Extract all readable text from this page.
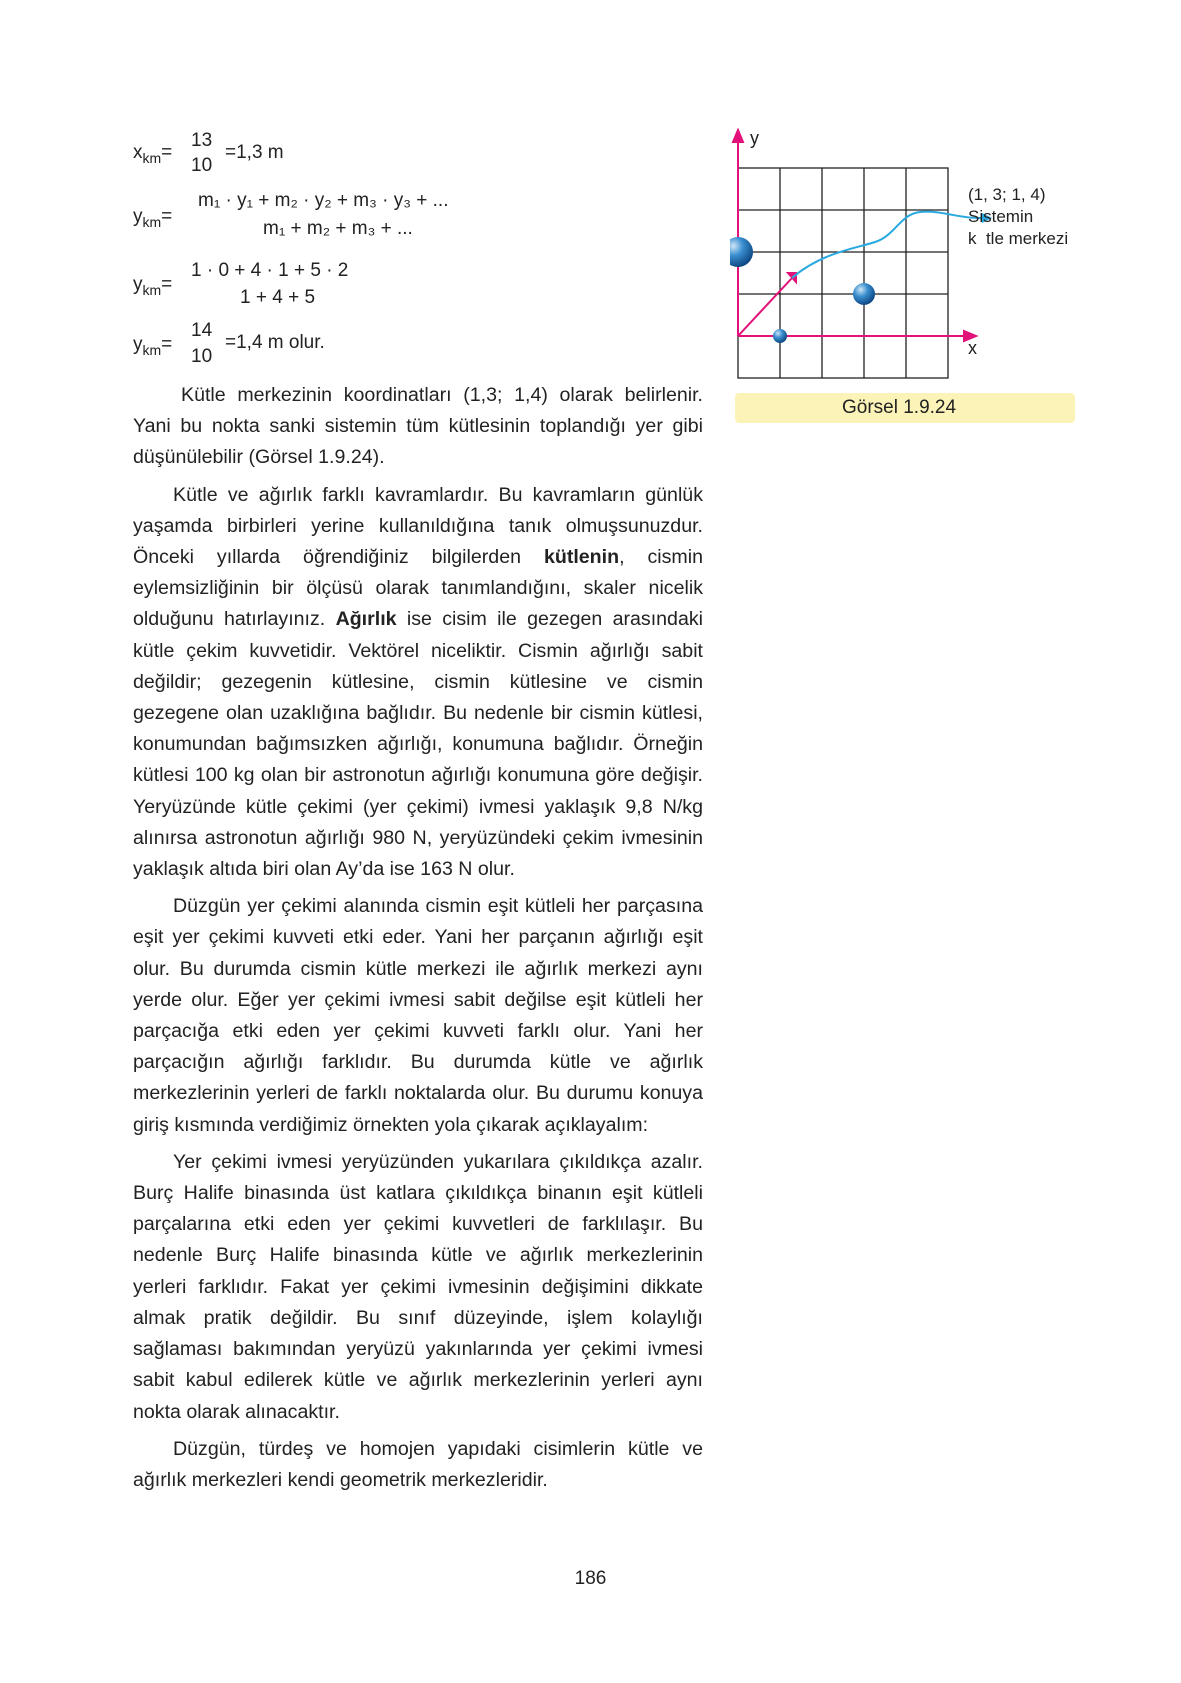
$x_{km}=$
13
10
=1,3 m
$y_{km}=$
m₁ · y₁ + m₂ · y₂ + m₃ · y₃ + ...
m₁ + m₂ + m₃ + ...
$y_{km}=$
1 · 0 + 4 · 1 + 5 · 2
1 + 4 + 5
$y_{km}=$
14
10
=1,4 m olur.

Kütle merkezinin koordinatları (1,3; 1,4) olarak belirlenir. Yani bu nokta sanki sistemin tüm kütlesinin toplandığı yer gibi düşünülebilir (Görsel 1.9.24).

Kütle ve ağırlık farklı kavramlardır. Bu kavramların günlük yaşamda birbirleri yerine kullanıldığına tanık olmuşsunuzdur. Önceki yıllarda öğrendiğiniz bilgilerden kütlenin, cismin eylemsizliğinin bir ölçüsü olarak tanımlandığını, skaler nicelik olduğunu hatırlayınız. Ağırlık ise cisim ile gezegen arasındaki kütle çekim kuvvetidir. Vektörel niceliktir. Cismin ağırlığı sabit değildir; gezegenin kütlesine, cismin kütlesine ve cismin gezegene olan uzaklığına bağlıdır. Bu nedenle bir cismin kütlesi, konumundan bağımsızken ağırlığı, konumuna bağlıdır. Örneğin kütlesi 100 kg olan bir astronotun ağırlığı konumuna göre değişir. Yeryüzünde kütle çekimi (yer çekimi) ivmesi yaklaşık 9,8 N/kg alınırsa astronotun ağırlığı 980 N, yeryüzündeki çekim ivmesinin yaklaşık altıda biri olan Ay’da ise 163 N olur.

Düzgün yer çekimi alanında cismin eşit kütleli her parçasına eşit yer çekimi kuvveti etki eder. Yani her parçanın ağırlığı eşit olur. Bu durumda cismin kütle merkezi ile ağırlık merkezi aynı yerde olur. Eğer yer çekimi ivmesi sabit değilse eşit kütleli her parçacığa etki eden yer çekimi kuvveti farklı olur. Yani her parçacığın ağırlığı farklıdır. Bu durumda kütle ve ağırlık merkezlerinin yerleri de farklı noktalarda olur. Bu durumu konuya giriş kısmında verdiğimiz örnekten yola çıkarak açıklayalım:

Yer çekimi ivmesi yeryüzünden yukarılara çıkıldıkça azalır. Burç Halife binasında üst katlara çıkıldıkça binanın eşit kütleli parçalarına etki eden yer çekimi kuvvetleri de farklılaşır. Bu nedenle Burç Halife binasında kütle ve ağırlık merkezlerinin yerleri farklıdır. Fakat yer çekimi ivmesinin değişimini dikkate almak pratik değildir. Bu sınıf düzeyinde, işlem kolaylığı sağlaması bakımından yeryüzü yakınlarında yer çekimi ivmesi sabit kabul edilerek kütle ve ağırlık merkezlerinin yerleri aynı nokta olarak alınacaktır.

Düzgün, türdeş ve homojen yapıdaki cisimlerin kütle ve ağırlık merkezleri kendi geometrik merkezleridir.

y
x
(1, 3; 1, 4)
Sistemin
k  tle merkezi
Görsel 1.9.24
186
